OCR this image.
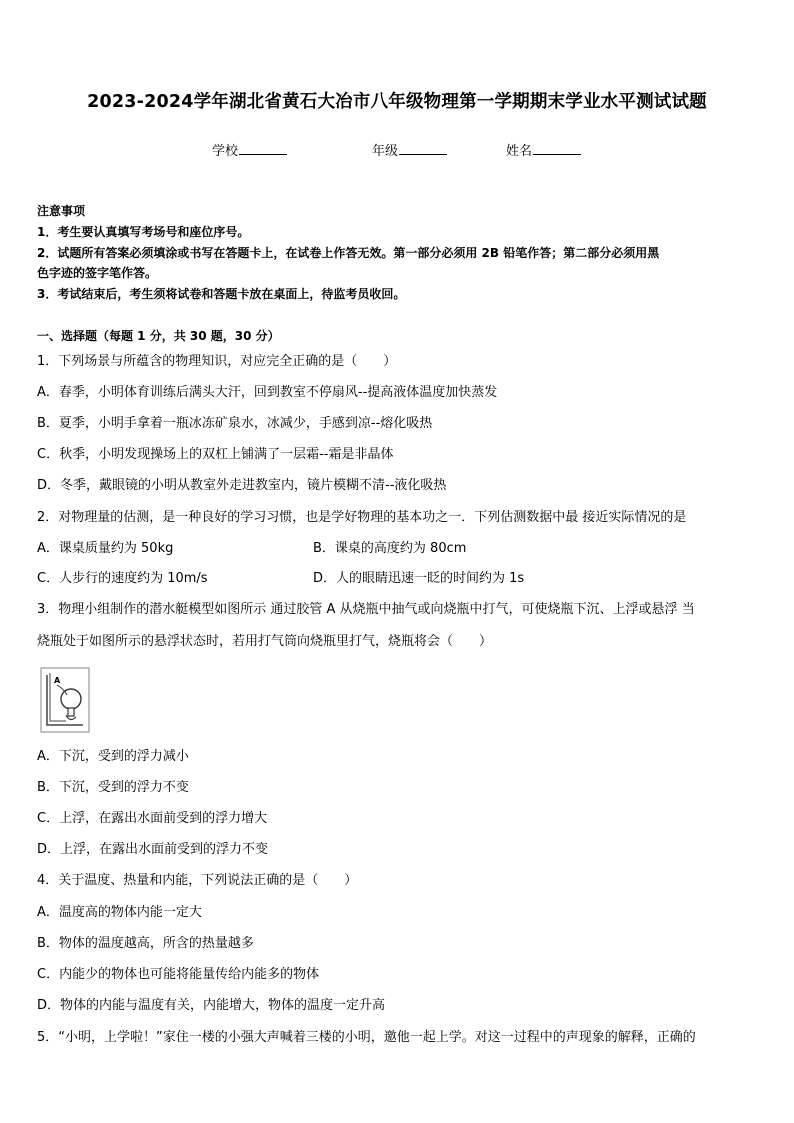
2023-2024学年湖北省黄石大冶市八年级物理第一学期期末学业水平测试试题
学校	年级	姓名
注意事项
1．考生要认真填写考场号和座位序号。
2．试题所有答案必须填涂或书写在答题卡上，在试卷上作答无效。第一部分必须用 2B 铅笔作答；第二部分必须用黑
色字迹的签字笔作答。
3．考试结束后，考生须将试卷和答题卡放在桌面上，待监考员收回。
一、选择题（每题 1 分，共 30 题，30 分）
1．下列场景与所蕴含的物理知识，对应完全正确的是（　　）
A．春季，小明体育训练后满头大汗，回到教室不停扇风--提高液体温度加快蒸发
B．夏季，小明手拿着一瓶冰冻矿泉水，冰减少，手感到凉--熔化吸热
C．秋季，小明发现操场上的双杠上铺满了一层霜--霜是非晶体
D．冬季，戴眼镜的小明从教室外走进教室内，镜片模糊不清--液化吸热
2．对物理量的估测，是一种良好的学习习惯，也是学好物理的基本功之一．下列估测数据中最 接近实际情况的是
A．课桌质量约为 50kg	B．课桌的高度约为 80cm
C．人步行的速度约为 10m/s	D．人的眼睛迅速一眨的时间约为 1s
3．物理小组制作的潜水艇模型如图所示 通过胶管 A 从烧瓶中抽气或向烧瓶中打气，可使烧瓶下沉、上浮或悬浮 当
烧瓶处于如图所示的悬浮状态时，若用打气筒向烧瓶里打气，烧瓶将会（　　）
A
A．下沉，受到的浮力减小
B．下沉，受到的浮力不变
C．上浮，在露出水面前受到的浮力增大
D．上浮，在露出水面前受到的浮力不变
4．关于温度、热量和内能，下列说法正确的是（　　）
A．温度高的物体内能一定大
B．物体的温度越高，所含的热量越多
C．内能少的物体也可能将能量传给内能多的物体
D．物体的内能与温度有关，内能增大，物体的温度一定升高
5．“小明，上学啦！”家住一楼的小强大声喊着三楼的小明，邀他一起上学。对这一过程中的声现象的解释，正确的
